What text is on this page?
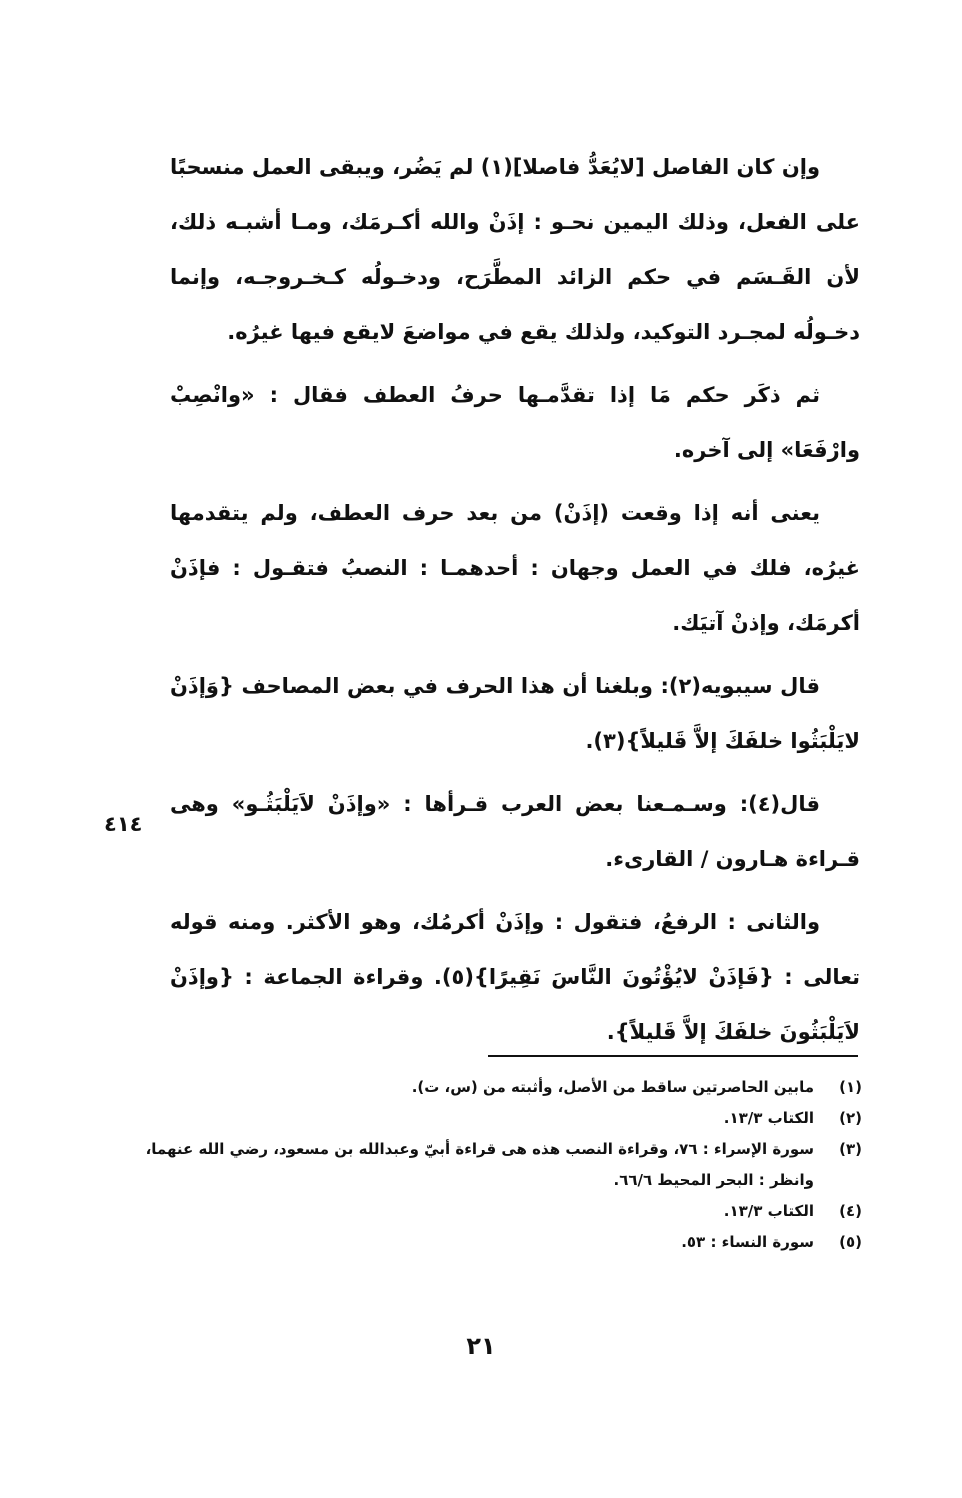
وإن كان الفاصل [لايُعَدُّ فاصلا](١) لم يَضُر، ويبقى العمل منسحبًا على الفعل، وذلك اليمين نحـو : إذَنْ والله أكـرمَك، ومـا أشبـه ذلك، لأن القَـسَم في حكم الزائد المطَّرَح، ودخـولُه كـخـروجـه، وإنما دخـولُه لمجـرد التوكيد، ولذلك يقع في مواضعَ لايقع فيها غيرُه.

ثم ذكَر حكم مَا إذا تقدَّمـها حرفُ العطف فقال : «وانْصِبْ وارْفَعَا» إلى آخره.

يعنى أنه إذا وقعت (إذَنْ) من بعد حرف العطف، ولم يتقدمها غيرُه، فلك في العمل وجهان : أحدهمـا : النصبُ فتقـول : فإذَنْ أكرمَك، وإذنْ آتيَك.

قال سيبويه(٢): وبلغنا أن هذا الحرف في بعض المصاحف {وَإذَنْ لايَلْبَثُوا خلفَكَ إلاَّ قَليلاً}(٣).

قال(٤): وسـمـعنا بعض العرب قـرأها : «وإذَنْ لاَيَلْبَثُـو» وهى قـراءة هـارون / القارىء.

والثانى : الرفعُ، فتقول : وإذَنْ أكرمُك، وهو الأكثر. ومنه قوله تعالى : {فَإذَنْ لايُؤْتُونَ النَّاسَ نَقِيرًا}(٥). وقراءة الجماعة : {وإذَنْ لاَيَلْبَثُونَ خلفَكَ إلاَّ قَليلاً}.

٤١٤
(١)
مابين الحاصرتين ساقط من الأصل، وأثبته من (س، ت).
(٢)
الكتاب ١٣/٣.
(٣)
سورة الإسراء : ٧٦، وقراءة النصب هذه هى قراءة أبيّ وعبدالله بن مسعود، رضي الله عنهما، وانظر : البحر المحيط ٦٦/٦.
(٤)
الكتاب ١٣/٣.
(٥)
سورة النساء : ٥٣.
٢١
